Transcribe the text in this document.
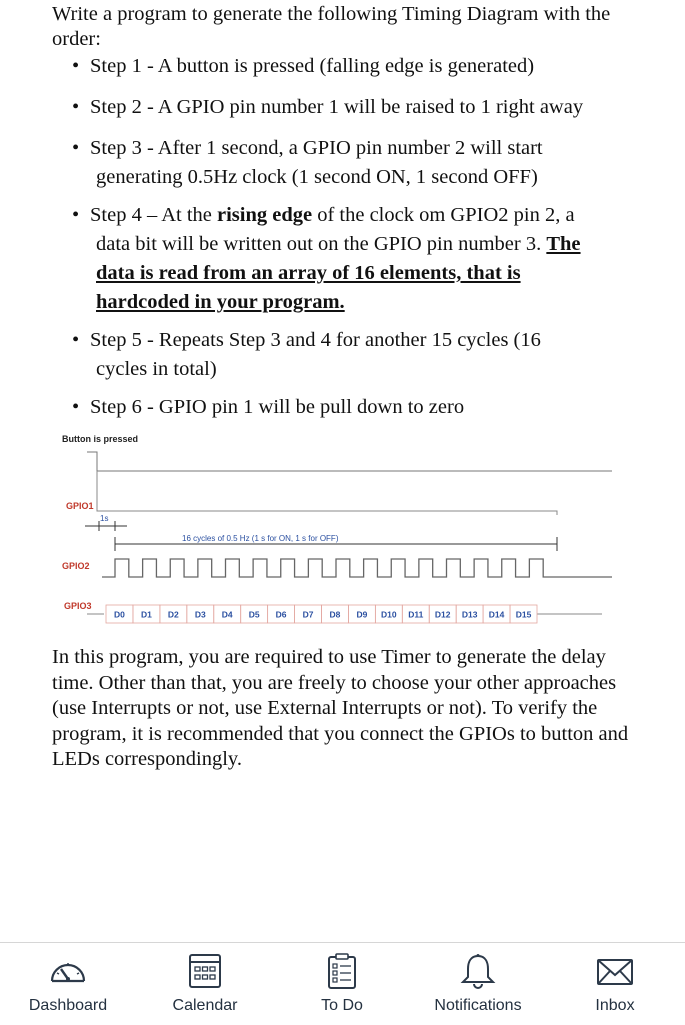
Write a program to generate the following Timing Diagram with the order:
• Step 1 - A button is pressed (falling edge is generated)
• Step 2 - A GPIO pin number 1 will be raised to 1 right away
• Step 3 - After 1 second, a GPIO pin number 2 will start

generating 0.5Hz clock (1 second ON, 1 second OFF)
• Step 4 – At the rising edge of the clock om GPIO2 pin 2, a

data bit will be written out on the GPIO pin number 3. The
data is read from an array of 16 elements, that is
hardcoded in your program.
• Step 5 - Repeats Step 3 and 4 for another 15 cycles (16

cycles in total)
• Step 6 - GPIO pin 1 will be pull down to zero
Button is pressed
GPIO1
1s
16 cycles of 0.5 Hz (1 s for ON, 1 s for OFF)
GPIO2
GPIO3
D0 D1 D2 D3 D4 D5 D6 D7 D8 D9 D10 D11 D12 D13 D14 D15
In this program, you are required to use Timer to generate the delay time. Other than that, you are freely to choose your other approaches (use Interrupts or not, use External Interrupts or not). To verify the program, it is recommended that you connect the GPIOs to button and LEDs correspondingly.
Dashboard	Calendar	To Do	Notifications	Inbox
